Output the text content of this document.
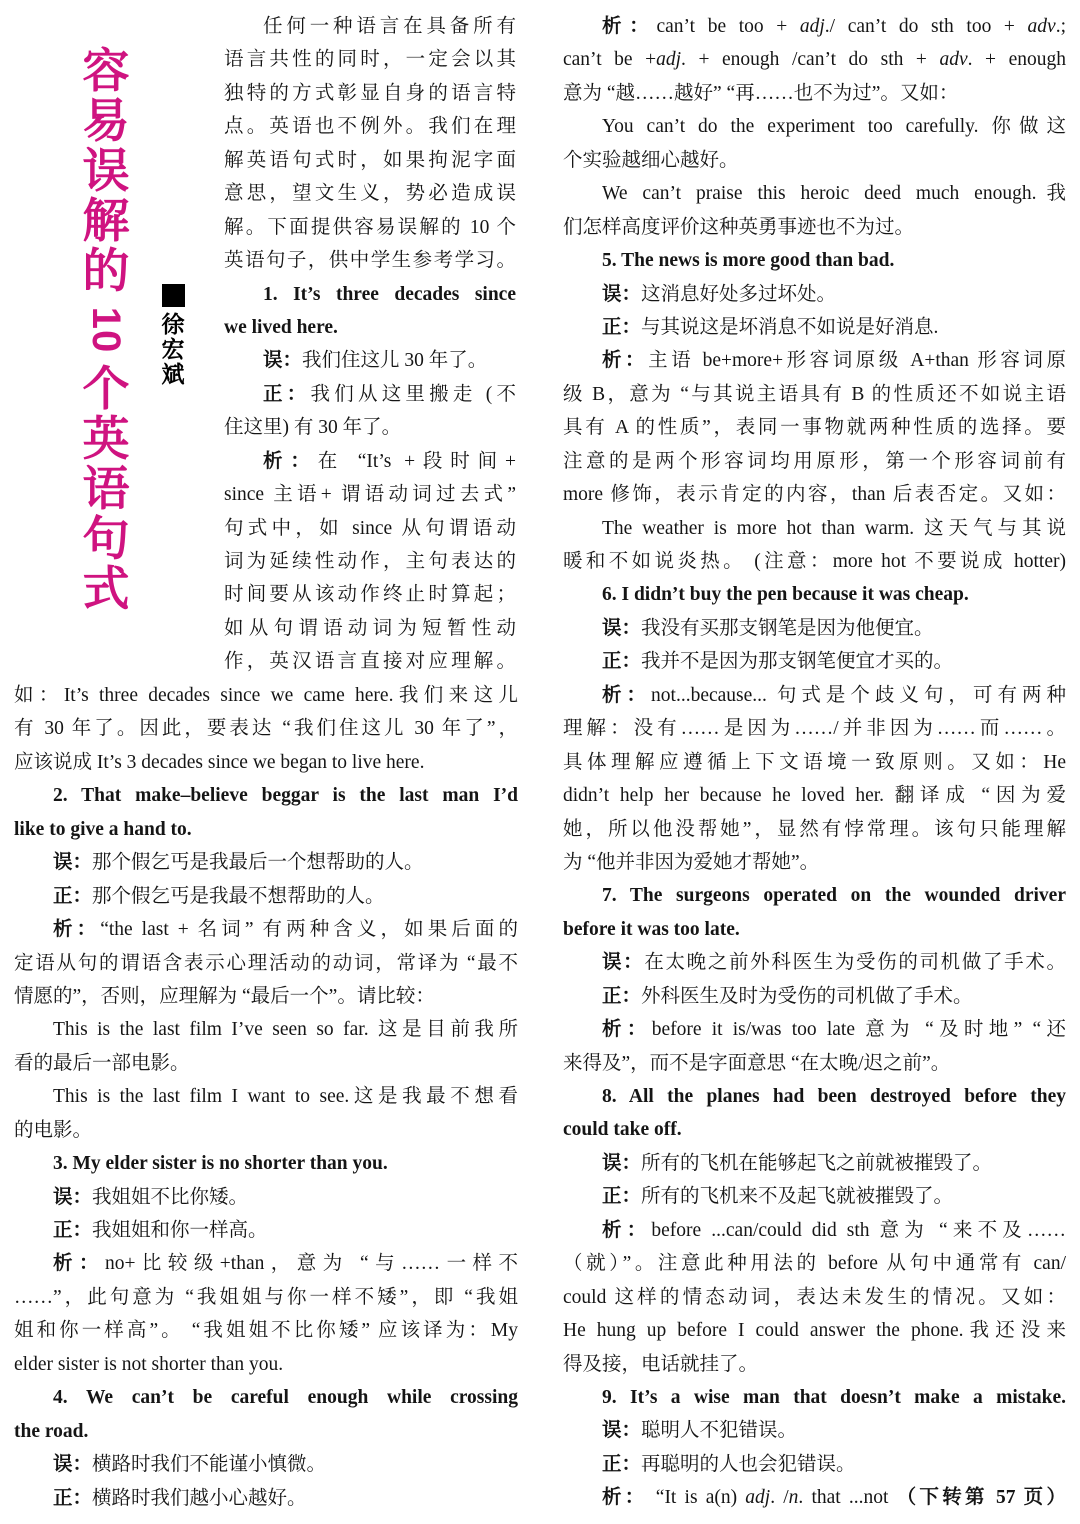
容
易
误
解
的
10
个
英
语
句
式
徐
宏
斌
任何一种语言在具备所有
语言共性的同时，一定会以其
独特的方式彰显自身的语言特
点。英语也不例外。我们在理
解英语句式时，如果拘泥字面
意思，望文生义，势必造成误
解。下面提供容易误解的 10 个
英语句子，供中学生参考学习。
1. It’s three decades since
we lived here.
误：我们住这儿 30 年了。
正：我们从这里搬走 (不
住这里) 有 30 年了。
析：在 “It’s +段时间+
since 主语+ 谓语动词过去式”
句式中，如 since 从句谓语动
词为延续性动作，主句表达的
时间要从该动作终止时算起；
如从句谓语动词为短暂性动
作，英汉语言直接对应理解。
如：It’s three decades since we came here.我们来这儿
有 30 年了。因此，要表达 “我们住这儿 30 年了”，
应该说成 It’s 3 decades since we began to live here.
2. That make–believe beggar is the last man I’d
like to give a hand to.
误：那个假乞丐是我最后一个想帮助的人。
正：那个假乞丐是我最不想帮助的人。
析：“the last + 名词” 有两种含义，如果后面的
定语从句的谓语含表示心理活动的动词，常译为 “最不
情愿的”，否则，应理解为 “最后一个”。请比较：
This is the last film I’ve seen so far. 这是目前我所
看的最后一部电影。
This is the last film I want to see.这是我最不想看
的电影。
3. My elder sister is no shorter than you.
误：我姐姐不比你矮。
正：我姐姐和你一样高。
析：no+比较级+than，意为 “与……一样不
……”，此句意为 “我姐姐与你一样不矮”，即 “我姐
姐和你一样高”。 “我姐姐不比你矮” 应该译为：My
elder sister is not shorter than you.
4. We can’t be careful enough while crossing
the road.
误：横路时我们不能谨小慎微。
正：横路时我们越小心越好。
析：can’t be too + adj./ can’t do sth too + adv.;
can’t be +adj. + enough /can’t do sth + adv. + enough
意为 “越……越好” “再……也不为过”。又如：
You can’t do the experiment too carefully. 你做这
个实验越细心越好。
We can’t praise this heroic deed much enough.我
们怎样高度评价这种英勇事迹也不为过。
5. The news is more good than bad.
误：这消息好处多过坏处。
正：与其说这是坏消息不如说是好消息.
析：主语 be+more+形容词原级 A+than 形容词原
级 B，意为 “与其说主语具有 B 的性质还不如说主语
具有 A 的性质”，表同一事物就两种性质的选择。要
注意的是两个形容词均用原形，第一个形容词前有
more 修饰，表示肯定的内容，than 后表否定。又如：
The weather is more hot than warm. 这天气与其说
暖和不如说炎热。 (注意：more hot 不要说成 hotter)
6. I didn’t buy the pen because it was cheap.
误：我没有买那支钢笔是因为他便宜。
正：我并不是因为那支钢笔便宜才买的。
析：not...because... 句式是个歧义句，可有两种
理解：没有……是因为……/并非因为……而……。
具体理解应遵循上下文语境一致原则。又如：He
didn’t help her because he loved her. 翻译成 “因为爱
她，所以他没帮她”，显然有悖常理。该句只能理解
为 “他并非因为爱她才帮她”。
7. The surgeons operated on the wounded driver
before it was too late.
误：在太晚之前外科医生为受伤的司机做了手术。
正：外科医生及时为受伤的司机做了手术。
析：before it is/was too late 意为 “及时地” “还
来得及”，而不是字面意思 “在太晚/迟之前”。
8. All the planes had been destroyed before they
could take off.
误：所有的飞机在能够起飞之前就被摧毁了。
正：所有的飞机来不及起飞就被摧毁了。
析：before ...can/could did sth 意为 “来不及……
（就）”。注意此种用法的 before 从句中通常有 can/
could 这样的情态动词，表达未发生的情况。又如：
He hung up before I could answer the phone.我还没来
得及接，电话就挂了。
9. It’s a wise man that doesn’t make a mistake.
误：聪明人不犯错误。
正：再聪明的人也会犯错误。
析： “It is a(n) adj. /n. that ...not （下转第 57 页）
